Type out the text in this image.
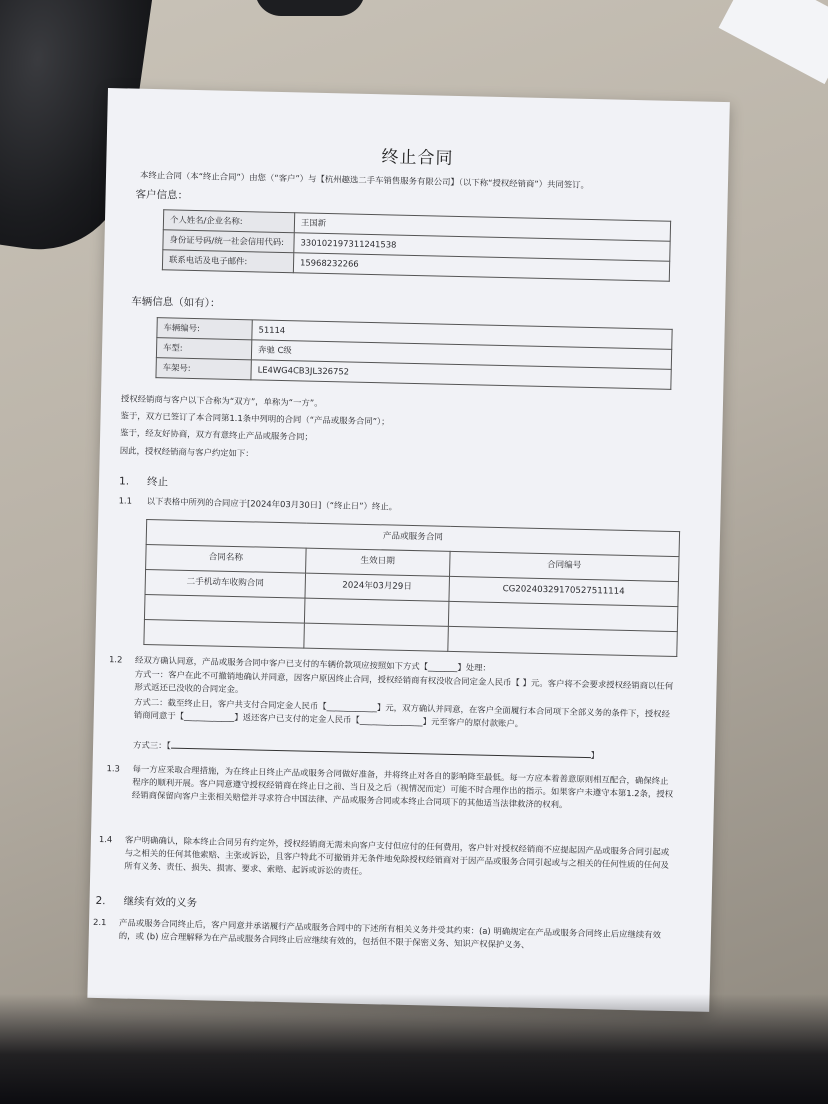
终止合同
本终止合同（本“终止合同”）由您（“客户”）与【杭州趣选二手车销售服务有限公司】（以下称“授权经销商”）共同签订。
客户信息：
个人姓名/企业名称:	王国新
身份证号码/统一社会信用代码:	330102197311241538
联系电话及电子邮件:	15968232266
车辆信息（如有）：
车辆编号:	51114
车型:	奔驰 C级
车架号:	LE4WG4CB3JL326752
授权经销商与客户以下合称为“双方”，单称为“一方”。
鉴于，双方已签订了本合同第1.1条中列明的合同（“产品或服务合同”）；
鉴于，经友好协商，双方有意终止产品或服务合同；
因此，授权经销商与客户约定如下：
1. 终止
1.1 以下表格中所列的合同应于[2024年03月30日]（“终止日”）终止。
产品或服务合同		
合同名称	生效日期	合同编号
二手机动车收购合同	2024年03月29日	CG20240329170527511114

1.2 经双方确认同意，产品或服务合同中客户已支付的车辆价款项应按照如下方式【_______】处理：
方式一：客户在此不可撤销地确认并同意，因客户原因终止合同，授权经销商有权没收合同定金人民币【 】元。客户将不会要求授权经销商以任何形式返还已没收的合同定金。
方式二：截至终止日，客户共支付合同定金人民币【____________】元，双方确认并同意，在客户全面履行本合同项下全部义务的条件下，授权经销商同意于【____________】返还客户已支付的定金人民币【_______________】元至客户的原付款账户。
方式三：【】
1.3 每一方应采取合理措施，为在终止日终止产品或服务合同做好准备，并将终止对各自的影响降至最低。每一方应本着善意原则相互配合，确保终止程序的顺利开展。客户同意遵守授权经销商在终止日之前、当日及之后（视情况而定）可能不时合理作出的指示。如果客户未遵守本第1.2条，授权经销商保留向客户主张相关赔偿并寻求符合中国法律、产品或服务合同或本终止合同项下的其他适当法律救济的权利。
1.4 客户明确确认，除本终止合同另有约定外，授权经销商无需未向客户支付但应付的任何费用，客户针对授权经销商不应提起因产品或服务合同引起或与之相关的任何其他索赔、主张或诉讼，且客户特此不可撤销并无条件地免除授权经销商对于因产品或服务合同引起或与之相关的任何性质的任何及所有义务、责任、损失、损害、要求、索赔、起诉或诉讼的责任。
2. 继续有效的义务
2.1 产品或服务合同终止后，客户同意并承诺履行产品或服务合同中的下述所有相关义务并受其约束：(a) 明确规定在产品或服务合同终止后应继续有效的，或 (b) 应合理解释为在产品或服务合同终止后应继续有效的，包括但不限于保密义务、知识产权保护义务、
